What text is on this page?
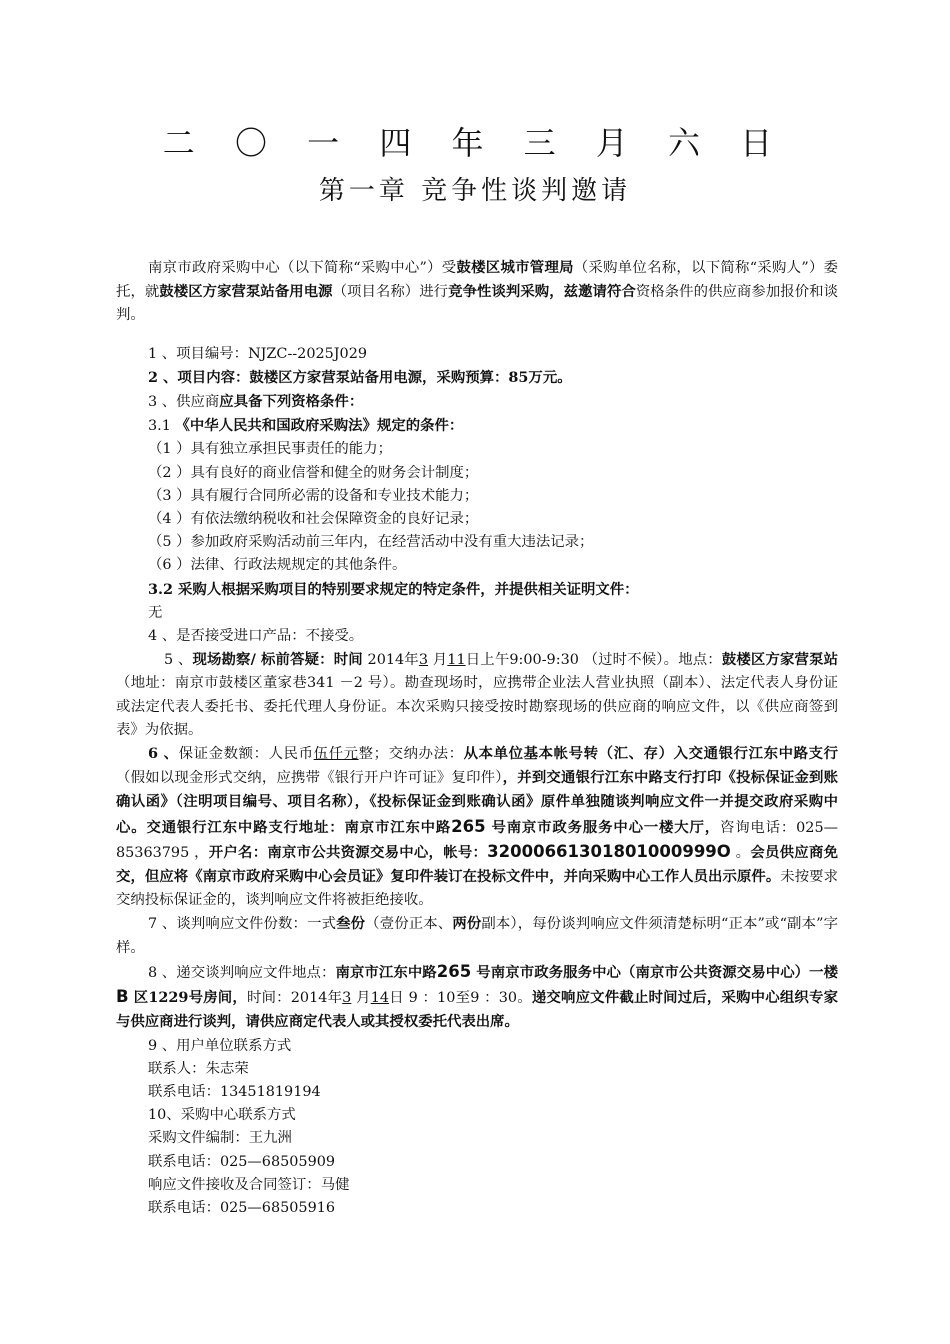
二 〇 一 四 年 三 月 六 日
第一章 竞争性谈判邀请

南京市政府采购中心（以下简称“采购中心”）受鼓楼区城市管理局（采购单位名称，以下简称“采购人”）委托，就鼓楼区方家营泵站备用电源（项目名称）进行竞争性谈判采购，兹邀请符合资格条件的供应商参加报价和谈判。

1 、项目编号：NJZC--2025J029

2 、项目内容：鼓楼区方家营泵站备用电源，采购预算：85万元。

3 、供应商应具备下列资格条件：

3.1 《中华人民共和国政府采购法》规定的条件：

（1 ）具有独立承担民事责任的能力；

（2 ）具有良好的商业信誉和健全的财务会计制度；

（3 ）具有履行合同所必需的设备和专业技术能力；

（4 ）有依法缴纳税收和社会保障资金的良好记录；

（5 ）参加政府采购活动前三年内，在经营活动中没有重大违法记录；

（6 ）法律、行政法规规定的其他条件。

3.2 采购人根据采购项目的特别要求规定的特定条件，并提供相关证明文件：

无

4 、是否接受进口产品：不接受。

5 、现场勘察/ 标前答疑：时间 2014年3 月11日上午9:00-9:30 （过时不候）。地点：鼓楼区方家营泵站（地址：南京市鼓楼区董家巷341 －2 号）。勘查现场时，应携带企业法人营业执照（副本）、法定代表人身份证或法定代表人委托书、委托代理人身份证。本次采购只接受按时勘察现场的供应商的响应文件，以《供应商签到表》为依据。

6 、保证金数额：人民币伍仟元整；交纳办法：从本单位基本帐号转（汇、存）入交通银行江东中路支行（假如以现金形式交纳，应携带《银行开户许可证》复印件），并到交通银行江东中路支行打印《投标保证金到账确认函》（注明项目编号、项目名称），《投标保证金到账确认函》原件单独随谈判响应文件一并提交政府采购中心。交通银行江东中路支行地址：南京市江东中路265 号南京市政务服务中心一楼大厅，咨询电话：025—85363795 ，开户名：南京市公共资源交易中心，帐号：32000661301801000999O 。会员供应商免交，但应将《南京市政府采购中心会员证》复印件装订在投标文件中，并向采购中心工作人员出示原件。未按要求交纳投标保证金的，谈判响应文件将被拒绝接收。

7 、谈判响应文件份数：一式叁份（壹份正本、两份副本），每份谈判响应文件须清楚标明“正本”或“副本”字样。

8 、递交谈判响应文件地点：南京市江东中路265 号南京市政务服务中心（南京市公共资源交易中心）一楼B 区1229号房间，时间：2014年3 月14日 9 ：10至9 ：30。递交响应文件截止时间过后，采购中心组织专家与供应商进行谈判，请供应商定代表人或其授权委托代表出席。

9 、用户单位联系方式

联系人：朱志荣

联系电话：13451819194

10、采购中心联系方式

采购文件编制：王九洲

联系电话：025—68505909

响应文件接收及合同签订：马健

联系电话：025—68505916
